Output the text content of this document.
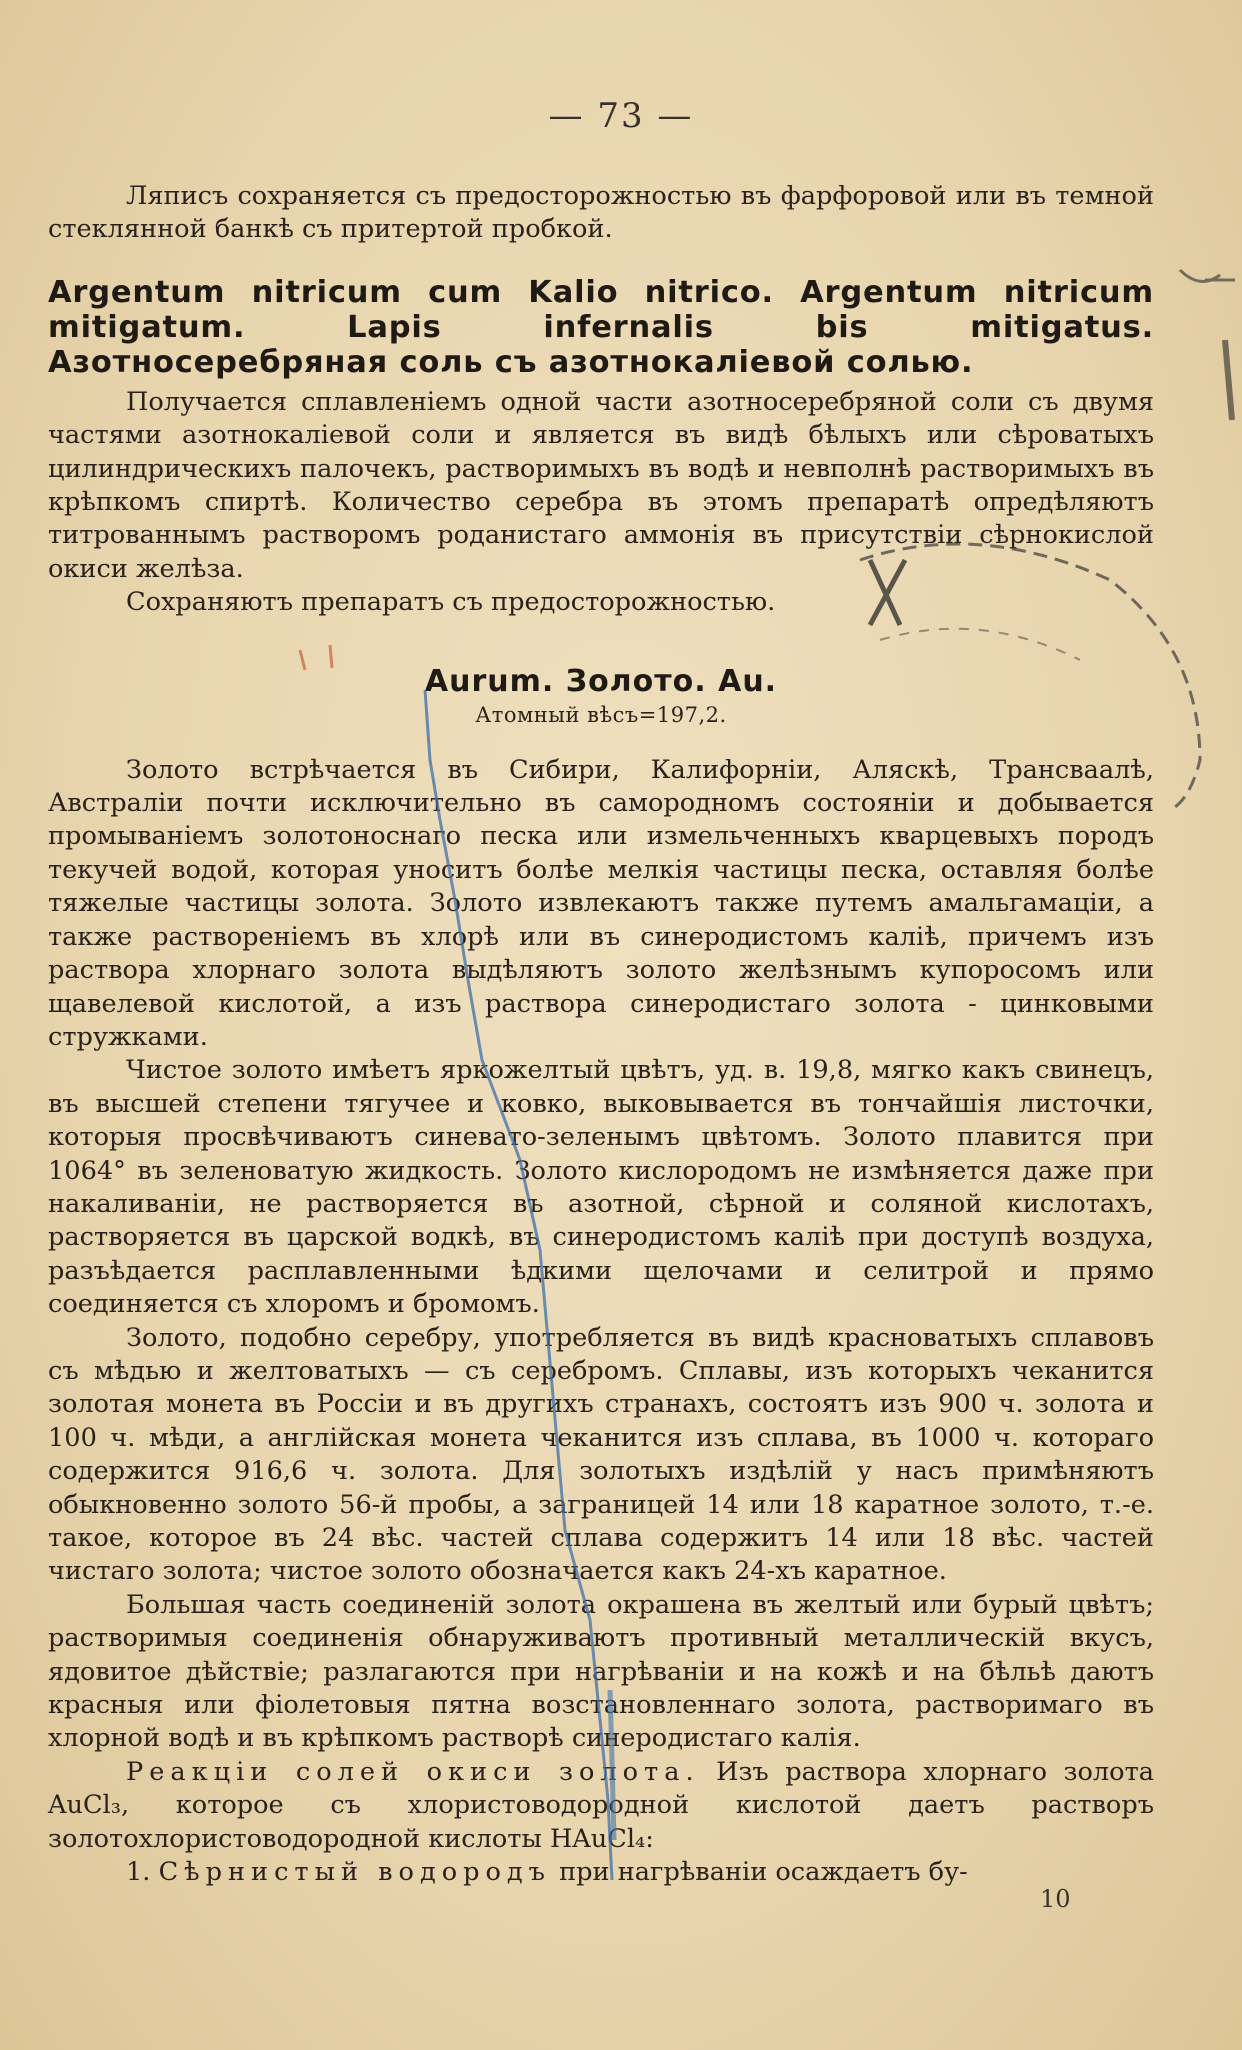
— 73 —

Ляписъ сохраняется съ предосторожностью въ фарфоровой или въ темной стеклянной банкѣ съ притертой пробкой.

Argentum nitricum cum Kalio nitrico. Argentum nitricum mitigatum. Lapis infernalis bis mitigatus.
Азотносеребряная соль съ азотнокаліевой солью.

Получается сплавленіемъ одной части азотносеребряной соли съ двумя частями азотнокаліевой соли и является въ видѣ бѣлыхъ или сѣроватыхъ цилиндрическихъ палочекъ, растворимыхъ въ водѣ и невполнѣ растворимыхъ въ крѣпкомъ спиртѣ. Количество серебра въ этомъ препаратѣ опредѣляютъ титрованнымъ растворомъ роданистаго аммонія въ присутствіи сѣрнокислой окиси желѣза.

Сохраняютъ препаратъ съ предосторожностью.

Aurum. Золото. Au.
Атомный вѣсъ=197,2.

Золото встрѣчается въ Сибири, Калифорніи, Аляскѣ, Трансваалѣ, Австраліи почти исключительно въ самородномъ состояніи и добывается промываніемъ золотоноснаго песка или измельченныхъ кварцевыхъ породъ текучей водой, которая уноситъ болѣе мелкія частицы песка, оставляя болѣе тяжелые частицы золота. Золото извлекаютъ также путемъ амальгамаціи, а также раствореніемъ въ хлорѣ или въ синеродистомъ каліѣ, причемъ изъ раствора хлорнаго золота выдѣляютъ золото желѣзнымъ купоросомъ или щавелевой кислотой, а изъ раствора синеродистаго золота - цинковыми стружками.

Чистое золото имѣетъ яркожелтый цвѣтъ, уд. в. 19,8, мягко какъ свинецъ, въ высшей степени тягучее и ковко, выковывается въ тончайшія листочки, которыя просвѣчиваютъ синевато-зеленымъ цвѣтомъ. Золото плавится при 1064° въ зеленоватую жидкость. Золото кислородомъ не измѣняется даже при накаливаніи, не растворяется въ азотной, сѣрной и соляной кислотахъ, растворяется въ царской водкѣ, въ синеродистомъ каліѣ при доступѣ воздуха, разъѣдается расплавленными ѣдкими щелочами и селитрой и прямо соединяется съ хлоромъ и бромомъ.

Золото, подобно серебру, употребляется въ видѣ красноватыхъ сплавовъ съ мѣдью и желтоватыхъ — съ серебромъ. Сплавы, изъ которыхъ чеканится золотая монета въ Россіи и въ другихъ странахъ, состоятъ изъ 900 ч. золота и 100 ч. мѣди, а англійская монета чеканится изъ сплава, въ 1000 ч. котораго содержится 916,6 ч. золота. Для золотыхъ издѣлій у насъ примѣняютъ обыкновенно золото 56-й пробы, а заграницей 14 или 18 каратное золото, т.-е. такое, которое въ 24 вѣс. частей сплава содержитъ 14 или 18 вѣс. частей чистаго золота; чистое золото обозначается какъ 24-хъ каратное.

Большая часть соединеній золота окрашена въ желтый или бурый цвѣтъ; растворимыя соединенія обнаруживаютъ противный металлическій вкусъ, ядовитое дѣйствіе; разлагаются при нагрѣваніи и на кожѣ и на бѣльѣ даютъ красныя или фіолетовыя пятна возстановленнаго золота, растворимаго въ хлорной водѣ и въ крѣпкомъ растворѣ синеродистаго калія.

Реакціи солей окиси золота. Изъ раствора хлорнаго золота AuCl₃, которое съ хлористоводородной кислотой даетъ растворъ золотохлористоводородной кислоты HAuCl₄:

1. Сѣрнистый водородъ при нагрѣваніи осаждаетъ бу-

10
